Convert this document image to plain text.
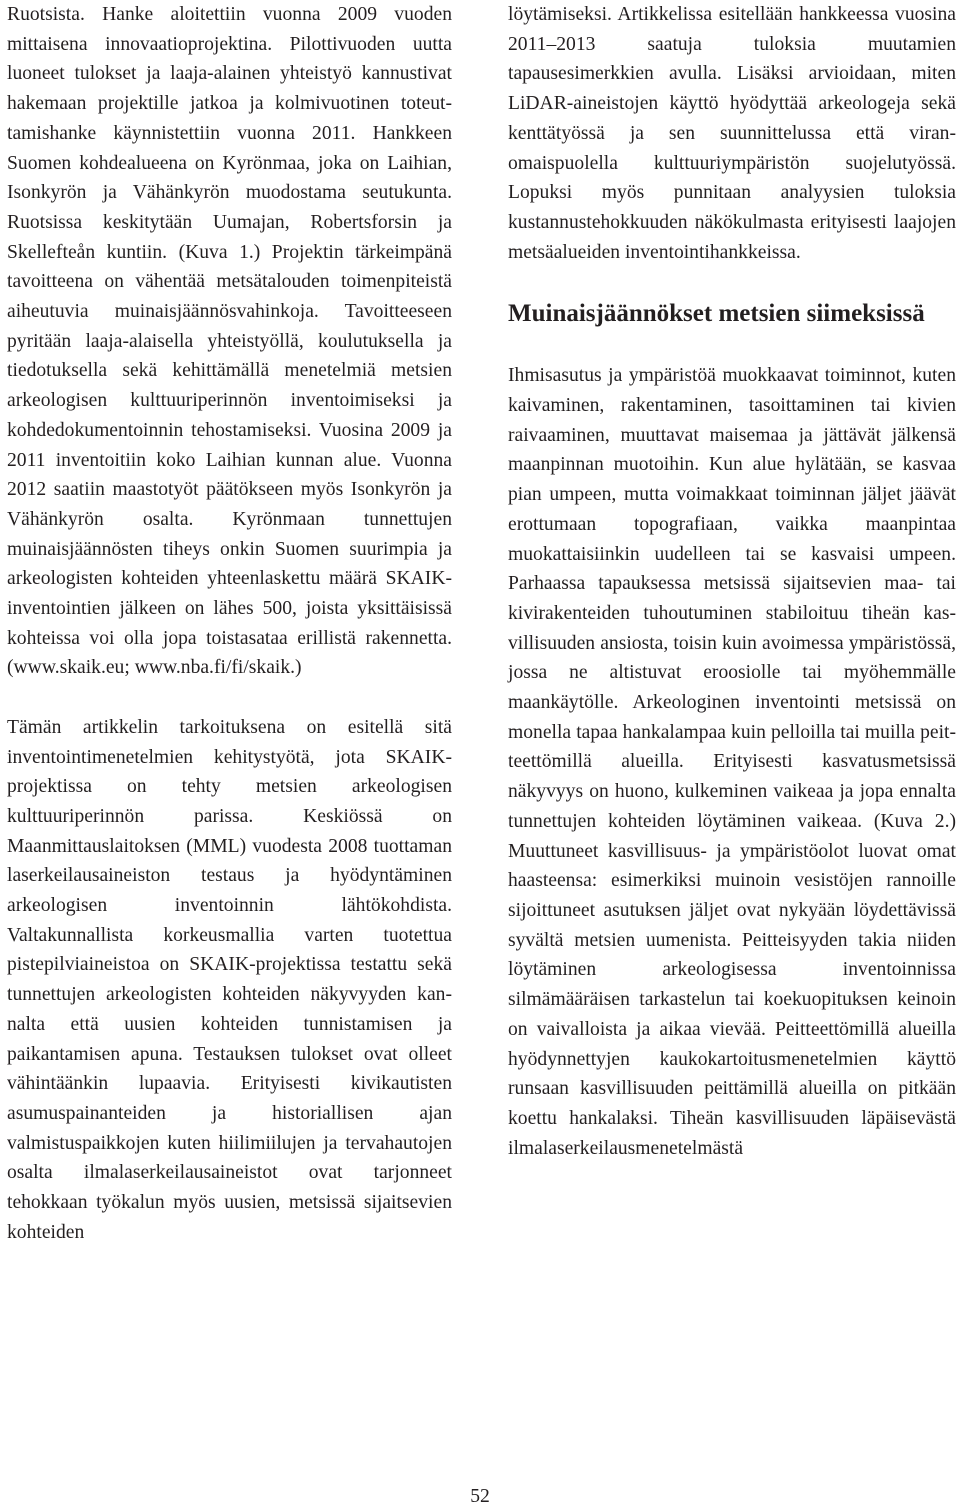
Ruotsista. Hanke aloitettiin vuonna 2009 vuoden mittaisena innovaatioprojektina. Pilottivuoden uutta luoneet tulokset ja laaja-alainen yhteistyö kannustivat hakemaan projektille jatkoa ja kolmivuotinen toteuttamishanke käynnistettiin vuonna 2011. Hankkeen Suomen kohdealueena on Kyrönmaa, joka on Laihian, Isonkyrön ja Vähänkyrön muodostama seutukunta. Ruotsissa keskitytään Uumajan, Robertsforsin ja Skellefteån kuntiin. (Kuva 1.) Projektin tärkeimpänä tavoitteena on vähentää metsätalouden toimenpiteistä aiheutuvia muinaisjäännösvahinkoja. Tavoitteeseen pyritään laaja-alaisella yhteistyöllä, koulutuksella ja tiedotuksella sekä kehittämällä menetelmiä metsien arkeologisen kulttuuriperinnön inventoimiseksi ja kohdedokumentoinnin tehostamiseksi. Vuosina 2009 ja 2011 inventoitiin koko Laihian kunnan alue. Vuonna 2012 saatiin maastotyöt päätökseen myös Isonkyrön ja Vähänkyrön osalta. Kyrönmaan tunnettujen muinaisjäännösten tiheys onkin Suomen suurimpia ja arkeologisten kohteiden yhteenlaskettu määrä SKAIK-inventointien jälkeen on lähes 500, joista yksittäisissä kohteissa voi olla jopa toistasataa erillistä rakennetta. (www.skaik.eu; www.nba.fi/fi/skaik.)

Tämän artikkelin tarkoituksena on esitellä sitä inventointimenetelmien kehitystyötä, jota SKAIK-projektissa on tehty metsien arkeologisen kulttuuriperinnön parissa. Keskiössä on Maanmittauslaitoksen (MML) vuodesta 2008 tuottaman laserkeilausaineiston testaus ja hyödyntäminen arkeologisen inventoinnin lähtökohdista. Valtakunnallista korkeusmallia varten tuotettua pistepilviaineistoa on SKAIK-projektissa testattu sekä tunnettujen arkeologisten kohteiden näkyvyyden kannalta että uusien kohteiden tunnistamisen ja paikantamisen apuna. Testauksen tulokset ovat olleet vähintäänkin lupaavia. Erityisesti kivikautisten asumuspainanteiden ja historiallisen ajan valmistuspaikkojen kuten hiilimiilujen ja tervahautojen osalta ilmalaserkeilausaineistot ovat tarjonneet tehokkaan työkalun myös uusien, metsissä sijaitsevien kohteiden

löytämiseksi. Artikkelissa esitellään hankkeessa vuosina 2011–2013 saatuja tuloksia muutamien tapausesimerkkien avulla. Lisäksi arvioidaan, miten LiDAR-aineistojen käyttö hyödyttää arkeologeja sekä kenttätyössä ja sen suunnittelussa että viranomaispuolella kulttuuriympäristön suojelutyössä. Lopuksi myös punnitaan analyysien tuloksia kustannustehokkuuden näkökulmasta erityisesti laajojen metsäalueiden inventointihankkeissa.

Muinaisjäännökset metsien siimeksissä

Ihmisasutus ja ympäristöä muokkaavat toiminnot, kuten kaivaminen, rakentaminen, tasoittaminen tai kivien raivaaminen, muuttavat maisemaa ja jättävät jälkensä maanpinnan muotoihin. Kun alue hylätään, se kasvaa pian umpeen, mutta voimakkaat toiminnan jäljet jäävät erottumaan topografiaan, vaikka maanpintaa muokattaisiinkin uudelleen tai se kasvaisi umpeen. Parhaassa tapauksessa metsissä sijaitsevien maa- tai kivirakenteiden tuhoutuminen stabiloituu tiheän kasvillisuuden ansiosta, toisin kuin avoimessa ympäristössä, jossa ne altistuvat eroosiolle tai myöhemmälle maankäytölle. Arkeologinen inventointi metsissä on monella tapaa hankalampaa kuin pelloilla tai muilla peitteettömillä alueilla. Erityisesti kasvatusmetsissä näkyvyys on huono, kulkeminen vaikeaa ja jopa ennalta tunnettujen kohteiden löytäminen vaikeaa. (Kuva 2.) Muuttuneet kasvillisuus- ja ympäristöolot luovat omat haasteensa: esimerkiksi muinoin vesistöjen rannoille sijoittuneet asutuksen jäljet ovat nykyään löydettävissä syvältä metsien uumenista. Peitteisyyden takia niiden löytäminen arkeologisessa inventoinnissa silmämääräisen tarkastelun tai koekuopituksen keinoin on vaivalloista ja aikaa vievää. Peitteettömillä alueilla hyödynnettyjen kaukokartoitusmenetelmien käyttö runsaan kasvillisuuden peittämillä alueilla on pitkään koettu hankalaksi. Tiheän kasvillisuuden läpäisevästä ilmalaserkeilausmenetelmästä

52
